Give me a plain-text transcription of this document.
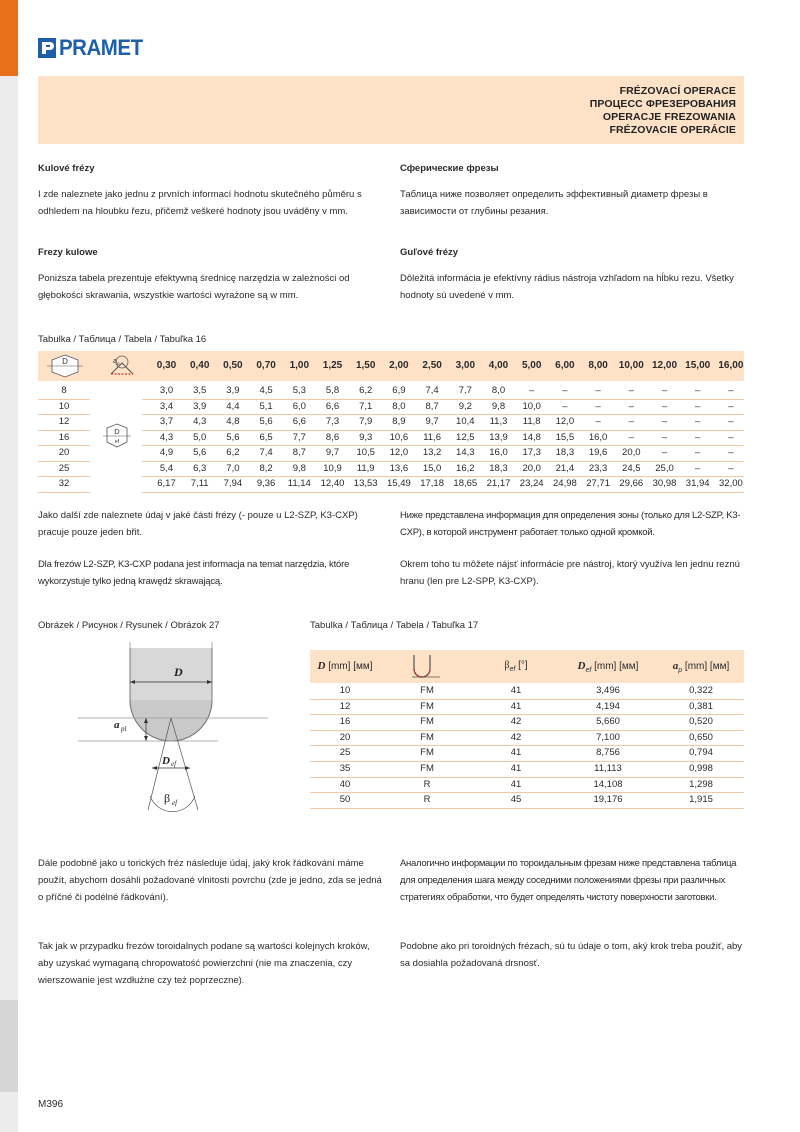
PRAMET
FRÉZOVACÍ OPERACE
ПРОЦЕСС ФРЕЗЕРОВАНИЯ
OPERACJE FREZOWANIA
FRÉZOVACIE OPERÁCIE
Kulové frézy
I zde naleznete jako jednu z prvních informací hodnotu skutečného půměru s odhledem na hloubku řezu, přičemž veškeré hodnoty jsou uváděny v mm.
Сферические фрезы
Таблица ниже позволяет определить эффективный диаметр фрезы в зависимости от глубины резания.
Frezy kulowe
Poniższa tabela prezentuje efektywną średnicę narzędzia w zależności od głębokości skrawania, wszystkie wartości wyrażone są w mm.
Guľové frézy
Dôležitá informácia je efektívny rádius nástroja vzhľadom na hĺbku rezu. Všetky hodnoty sú uvedené v mm.
Tabulka / Таблица / Tabela / Tabuľka 16
D	a p	0,30	0,40	0,50	0,70	1,00	1,25	1,50	2,00	2,50	3,00	4,00	5,00	6,00	8,00	10,00 12,00 15,00 16,00
D
ef
8	3,0	3,5	3,9	4,5	5,3	5,8	6,2	6,9	7,4	7,7	8,0	–	–	–	–	–	–	–
10	3,4	3,9	4,4	5,1	6,0	6,6	7,1	8,0	8,7	9,2	9,8	10,0	–	–	–	–	–	–
12	3,7	4,3	4,8	5,6	6,6	7,3	7,9	8,9	9,7	10,4	11,3	11,8	12,0	–	–	–	–	–
16	4,3	5,0	5,6	6,5	7,7	8,6	9,3	10,6	11,6	12,5	13,9	14,8	15,5	16,0	–	–	–	–
20	4,9	5,6	6,2	7,4	8,7	9,7	10,5	12,0	13,2	14,3	16,0	17,3	18,3	19,6	20,0	–	–	–
25	5,4	6,3	7,0	8,2	9,8	10,9	11,9	13,6	15,0	16,2	18,3	20,0	21,4	23,3	24,5	25,0	–	–
32	6,17	7,11	7,94	9,36	11,14	12,40 13,53 15,49 17,18 18,65 21,17 23,24 24,98 27,71 29,66 30,98 31,94 32,00
Jako další zde naleznete údaj v jaké části frézy (- pouze u L2-SZP, K3-CXP) pracuje pouze jeden břit.
Ниже представлена информация для определения зоны (только для L2-SZP, K3-CXP), в которой инструмент работает только одной кромкой.
Dla frezów L2-SZP, K3-CXP podana jest informacja na temat narzędzia, które wykorzystuje tylko jedną krawędź skrawającą.
Okrem toho tu môžete nájsť informácie pre nástroj, ktorý využíva len jednu reznú hranu (len pre L2-SPP, K3-CXP).
Obrázek / Рисунок / Rysunek / Obrázok 27
D
a pl
D ef
β ef
Tabulka / Таблица / Tabela / Tabuľka 17
D [mm] [мм]	$\beta_{ef}$ [°]	$D_{ef}$ [mm] [мм]	$a_p$ [mm] [мм]
10	FM	41	3,496	0,322
12	FM	41	4,194	0,381
16	FM	42	5,660	0,520
20	FM	42	7,100	0,650
25	FM	41	8,756	0,794
35	FM	41	11,113	0,998
40	R	41	14,108	1,298
50	R	45	19,176	1,915
Dále podobně jako u torických fréz následuje údaj, jaký krok řádkování máme použít, abychom dosáhli požadované vlnitosti povrchu (zde je jedno, zda se jedná o příčné či podélné řádkování).
Аналогично информации по тороидальным фрезам ниже представлена таблица для определения шага между соседними положениями фрезы при различных стратегиях обработки, что будет определять чистоту поверхности заготовки.
Tak jak w przypadku frezów toroidalnych podane są wartości kolejnych kroków, aby uzyskać wymaganą chropowatość powierzchni (nie ma znaczenia, czy wierszowanie jest wzdłużne czy też poprzeczne).
Podobne ako pri toroidných frézach, sú tu údaje o tom, aký krok treba použiť, aby sa dosiahla požadovaná drsnosť.
M396
